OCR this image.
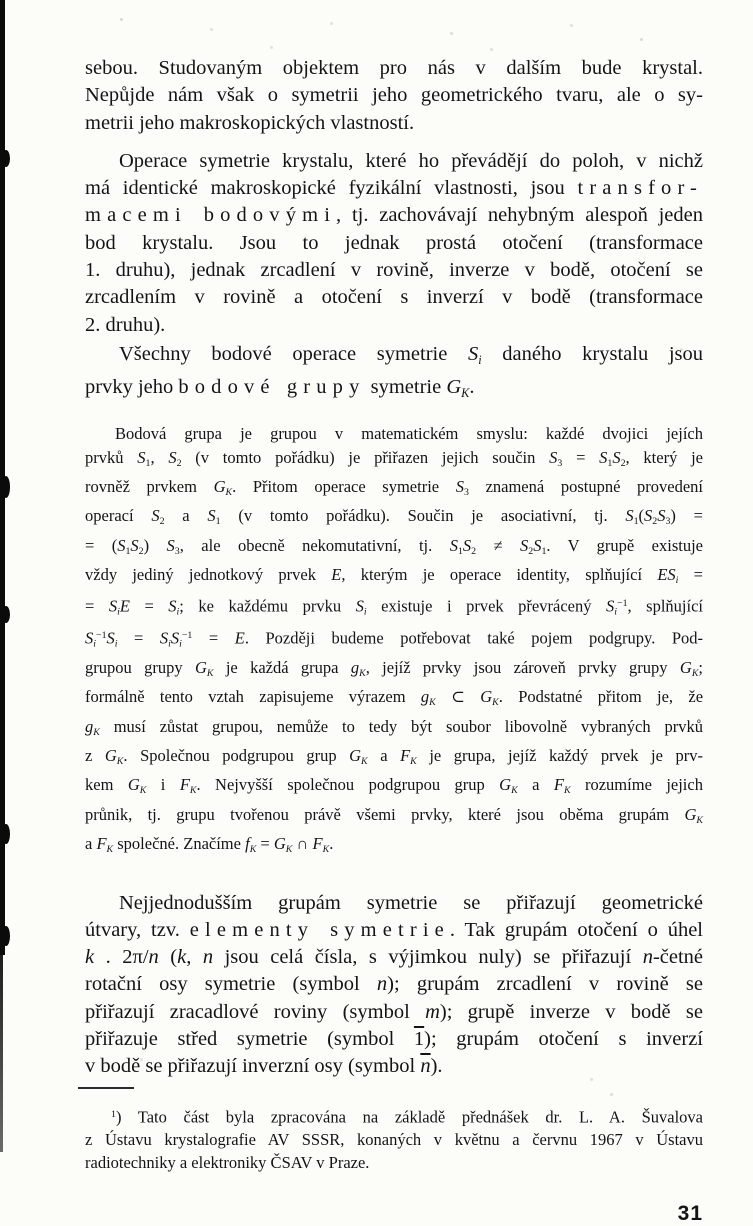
sebou. Studovaným objektem pro nás v dalším bude krystal.
Nepůjde nám však o symetrii jeho geometrického tvaru, ale o sy-
metrii jeho makroskopických vlastností.
Operace symetrie krystalu, které ho převádějí do poloh, v nichž
má identické makroskopické fyzikální vlastnosti, jsou transfor-
macemi bodovými, tj. zachovávají nehybným alespoň jeden
bod krystalu. Jsou to jednak prostá otočení (transformace
1. druhu), jednak zrcadlení v rovině, inverze v bodě, otočení se
zrcadlením v rovině a otočení s inverzí v bodě (transformace
2. druhu).
Všechny bodové operace symetrie Si daného krystalu jsou
prvky jeho bodové grupy symetrie GK.
Bodová grupa je grupou v matematickém smyslu: každé dvojici jejích
prvků S1, S2 (v tomto pořádku) je přiřazen jejich součin S3 = S1S2, který je
rovněž prvkem GK. Přitom operace symetrie S3 znamená postupné provedení
operací S2 a S1 (v tomto pořádku). Součin je asociativní, tj. S1(S2S3) =
= (S1S2) S3, ale obecně nekomutativní, tj. S1S2 ≠ S2S1. V grupě existuje
vždy jediný jednotkový prvek E, kterým je operace identity, splňující ESi =
= SiE = Si; ke každému prvku Si existuje i prvek převrácený $Si^{-1}$, splňující
$Si^{-1}Si$ = SiSi$^{-1}$ = E. Později budeme potřebovat také pojem podgrupy. Pod-
grupou grupy GK je každá grupa gK, jejíž prvky jsou zároveň prvky grupy GK;
formálně tento vztah zapisujeme výrazem gK ⊂ GK. Podstatné přitom je, že
gK musí zůstat grupou, nemůže to tedy být soubor libovolně vybraných prvků
z GK. Společnou podgrupou grup GK a FK je grupa, jejíž každý prvek je prv-
kem GK i FK. Nejvyšší společnou podgrupou grup GK a FK rozumíme jejich
průnik, tj. grupu tvořenou právě všemi prvky, které jsou oběma grupám GK
a FK společné. Značíme fK = GK ∩ FK.
Nejjednodušším grupám symetrie se přiřazují geometrické
útvary, tzv. elementy symetrie. Tak grupám otočení o úhel
k . 2π/n (k, n jsou celá čísla, s výjimkou nuly) se přiřazují n-četné
rotační osy symetrie (symbol n); grupám zrcadlení v rovině se
přiřazují zracadlové roviny (symbol m); grupě inverze v bodě se
přiřazuje střed symetrie (symbol 1); grupám otočení s inverzí
v bodě se přiřazují inverzní osy (symbol $\overline{n}$).
$^1$) Tato část byla zpracována na základě přednášek dr. L. A. Šuvalova
z Ústavu krystalografie AV SSSR, konaných v květnu a červnu 1967 v Ústavu
radiotechniky a elektroniky ČSAV v Praze.
31
